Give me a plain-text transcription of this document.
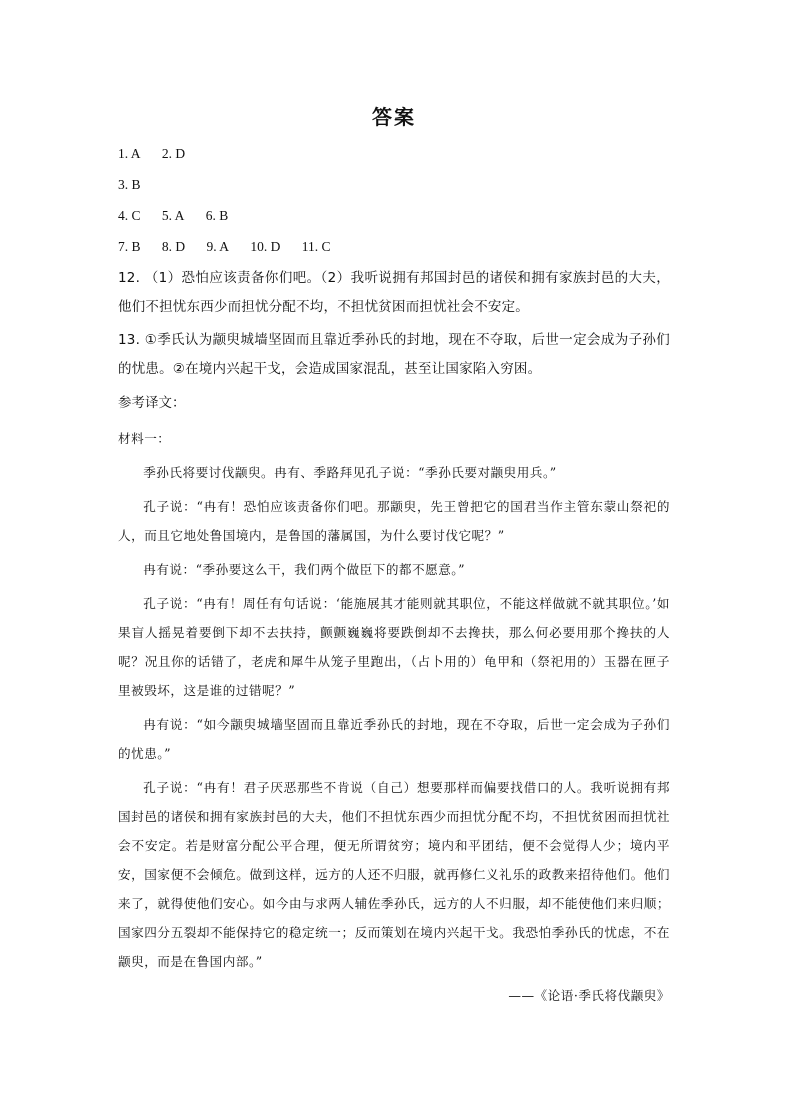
答案
1. A 2. D
3. B
4. C 5. A 6. B
7. B 8. D 9. A 10. D 11. C
12. （1）恐怕应该责备你们吧。（2）我听说拥有邦国封邑的诸侯和拥有家族封邑的大夫，他们不担忧东西少而担忧分配不均，不担忧贫困而担忧社会不安定。
13. ①季氏认为颛臾城墙坚固而且靠近季孙氏的封地，现在不夺取，后世一定会成为子孙们的忧患。②在境内兴起干戈，会造成国家混乱，甚至让国家陷入穷困。
参考译文：

材料一：

季孙氏将要讨伐颛臾。冉有、季路拜见孔子说：“季孙氏要对颛臾用兵。”

孔子说：“冉有！恐怕应该责备你们吧。那颛臾，先王曾把它的国君当作主管东蒙山祭祀的人，而且它地处鲁国境内，是鲁国的藩属国，为什么要讨伐它呢？”

冉有说：“季孙要这么干，我们两个做臣下的都不愿意。”

孔子说：“冉有！周任有句话说：‘能施展其才能则就其职位，不能这样做就不就其职位。’如果盲人摇晃着要倒下却不去扶持，颤颤巍巍将要跌倒却不去搀扶，那么何必要用那个搀扶的人呢？况且你的话错了，老虎和犀牛从笼子里跑出，（占卜用的）龟甲和（祭祀用的）玉器在匣子里被毁坏，这是谁的过错呢？”

冉有说：“如今颛臾城墙坚固而且靠近季孙氏的封地，现在不夺取，后世一定会成为子孙们的忧患。”

孔子说：“冉有！君子厌恶那些不肯说（自己）想要那样而偏要找借口的人。我听说拥有邦国封邑的诸侯和拥有家族封邑的大夫，他们不担忧东西少而担忧分配不均，不担忧贫困而担忧社会不安定。若是财富分配公平合理，便无所谓贫穷；境内和平团结，便不会觉得人少；境内平安，国家便不会倾危。做到这样，远方的人还不归服，就再修仁义礼乐的政教来招待他们。他们来了，就得使他们安心。如今由与求两人辅佐季孙氏，远方的人不归服，却不能使他们来归顺；国家四分五裂却不能保持它的稳定统一；反而策划在境内兴起干戈。我恐怕季孙氏的忧虑，不在颛臾，而是在鲁国内部。”

——《论语·季氏将伐颛臾》
